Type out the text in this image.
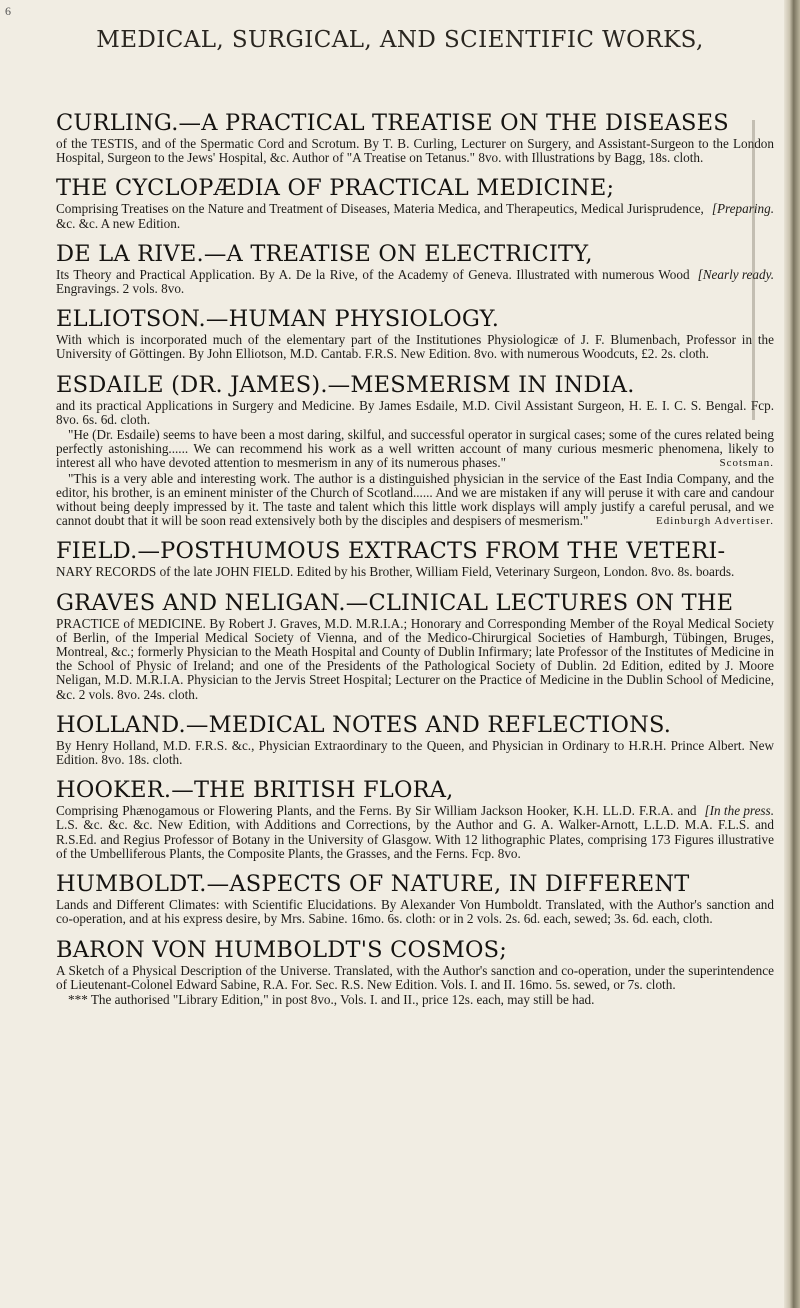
6
MEDICAL, SURGICAL, AND SCIENTIFIC WORKS,
CURLING.—A PRACTICAL TREATISE ON THE DISEASES
of the TESTIS, and of the Spermatic Cord and Scrotum. By T. B. Curling, Lecturer on Surgery, and Assistant-Surgeon to the London Hospital, Surgeon to the Jews' Hospital, &c. Author of "A Treatise on Tetanus." 8vo. with Illustrations by Bagg, 18s. cloth.
THE CYCLOPÆDIA OF PRACTICAL MEDICINE;
[Preparing.
Comprising Treatises on the Nature and Treatment of Diseases, Materia Medica, and Therapeutics, Medical Jurisprudence, &c. &c. A new Edition.
DE LA RIVE.—A TREATISE ON ELECTRICITY,
[Nearly ready.
Its Theory and Practical Application. By A. De la Rive, of the Academy of Geneva. Illustrated with numerous Wood Engravings. 2 vols. 8vo.
ELLIOTSON.—HUMAN PHYSIOLOGY.
With which is incorporated much of the elementary part of the Institutiones Physiologicæ of J. F. Blumenbach, Professor in the University of Göttingen. By John Elliotson, M.D. Cantab. F.R.S. New Edition. 8vo. with numerous Woodcuts, £2. 2s. cloth.
ESDAILE (DR. JAMES).—MESMERISM IN INDIA.
and its practical Applications in Surgery and Medicine. By James Esdaile, M.D. Civil Assistant Surgeon, H. E. I. C. S. Bengal. Fcp. 8vo. 6s. 6d. cloth.
"He (Dr. Esdaile) seems to have been a most daring, skilful, and successful operator in surgical cases; some of the cures related being perfectly astonishing...... We can recommend his work as a well written account of many curious mesmeric phenomena, likely to interest all who have devoted attention to mesmerism in any of its numerous phases."	Scotsman.
"This is a very able and interesting work. The author is a distinguished physician in the service of the East India Company, and the editor, his brother, is an eminent minister of the Church of Scotland...... And we are mistaken if any will peruse it with care and candour without being deeply impressed by it. The taste and talent which this little work displays will amply justify a careful perusal, and we cannot doubt that it will be soon read extensively both by the disciples and despisers of mesmerism."	Edinburgh Advertiser.
FIELD.—POSTHUMOUS EXTRACTS FROM THE VETERI-
NARY RECORDS of the late JOHN FIELD. Edited by his Brother, William Field, Veterinary Surgeon, London. 8vo. 8s. boards.
GRAVES AND NELIGAN.—CLINICAL LECTURES ON THE
PRACTICE of MEDICINE. By Robert J. Graves, M.D. M.R.I.A.; Honorary and Corresponding Member of the Royal Medical Society of Berlin, of the Imperial Medical Society of Vienna, and of the Medico-Chirurgical Societies of Hamburgh, Tübingen, Bruges, Montreal, &c.; formerly Physician to the Meath Hospital and County of Dublin Infirmary; late Professor of the Institutes of Medicine in the School of Physic of Ireland; and one of the Presidents of the Pathological Society of Dublin. 2d Edition, edited by J. Moore Neligan, M.D. M.R.I.A. Physician to the Jervis Street Hospital; Lecturer on the Practice of Medicine in the Dublin School of Medicine, &c. 2 vols. 8vo. 24s. cloth.
HOLLAND.—MEDICAL NOTES AND REFLECTIONS.
By Henry Holland, M.D. F.R.S. &c., Physician Extraordinary to the Queen, and Physician in Ordinary to H.R.H. Prince Albert. New Edition. 8vo. 18s. cloth.
HOOKER.—THE BRITISH FLORA,
[In the press.
Comprising Phænogamous or Flowering Plants, and the Ferns. By Sir William Jackson Hooker, K.H. LL.D. F.R.A. and L.S. &c. &c. &c. New Edition, with Additions and Corrections, by the Author and G. A. Walker-Arnott, L.L.D. M.A. F.L.S. and R.S.Ed. and Regius Professor of Botany in the University of Glasgow. With 12 lithographic Plates, comprising 173 Figures illustrative of the Umbelliferous Plants, the Composite Plants, the Grasses, and the Ferns. Fcp. 8vo.
HUMBOLDT.—ASPECTS OF NATURE, IN DIFFERENT
Lands and Different Climates: with Scientific Elucidations. By Alexander Von Humboldt. Translated, with the Author's sanction and co-operation, and at his express desire, by Mrs. Sabine. 16mo. 6s. cloth: or in 2 vols. 2s. 6d. each, sewed; 3s. 6d. each, cloth.
BARON VON HUMBOLDT'S COSMOS;
A Sketch of a Physical Description of the Universe. Translated, with the Author's sanction and co-operation, under the superintendence of Lieutenant-Colonel Edward Sabine, R.A. For. Sec. R.S. New Edition. Vols. I. and II. 16mo. 5s. sewed, or 7s. cloth.
*** The authorised "Library Edition," in post 8vo., Vols. I. and II., price 12s. each, may still be had.
